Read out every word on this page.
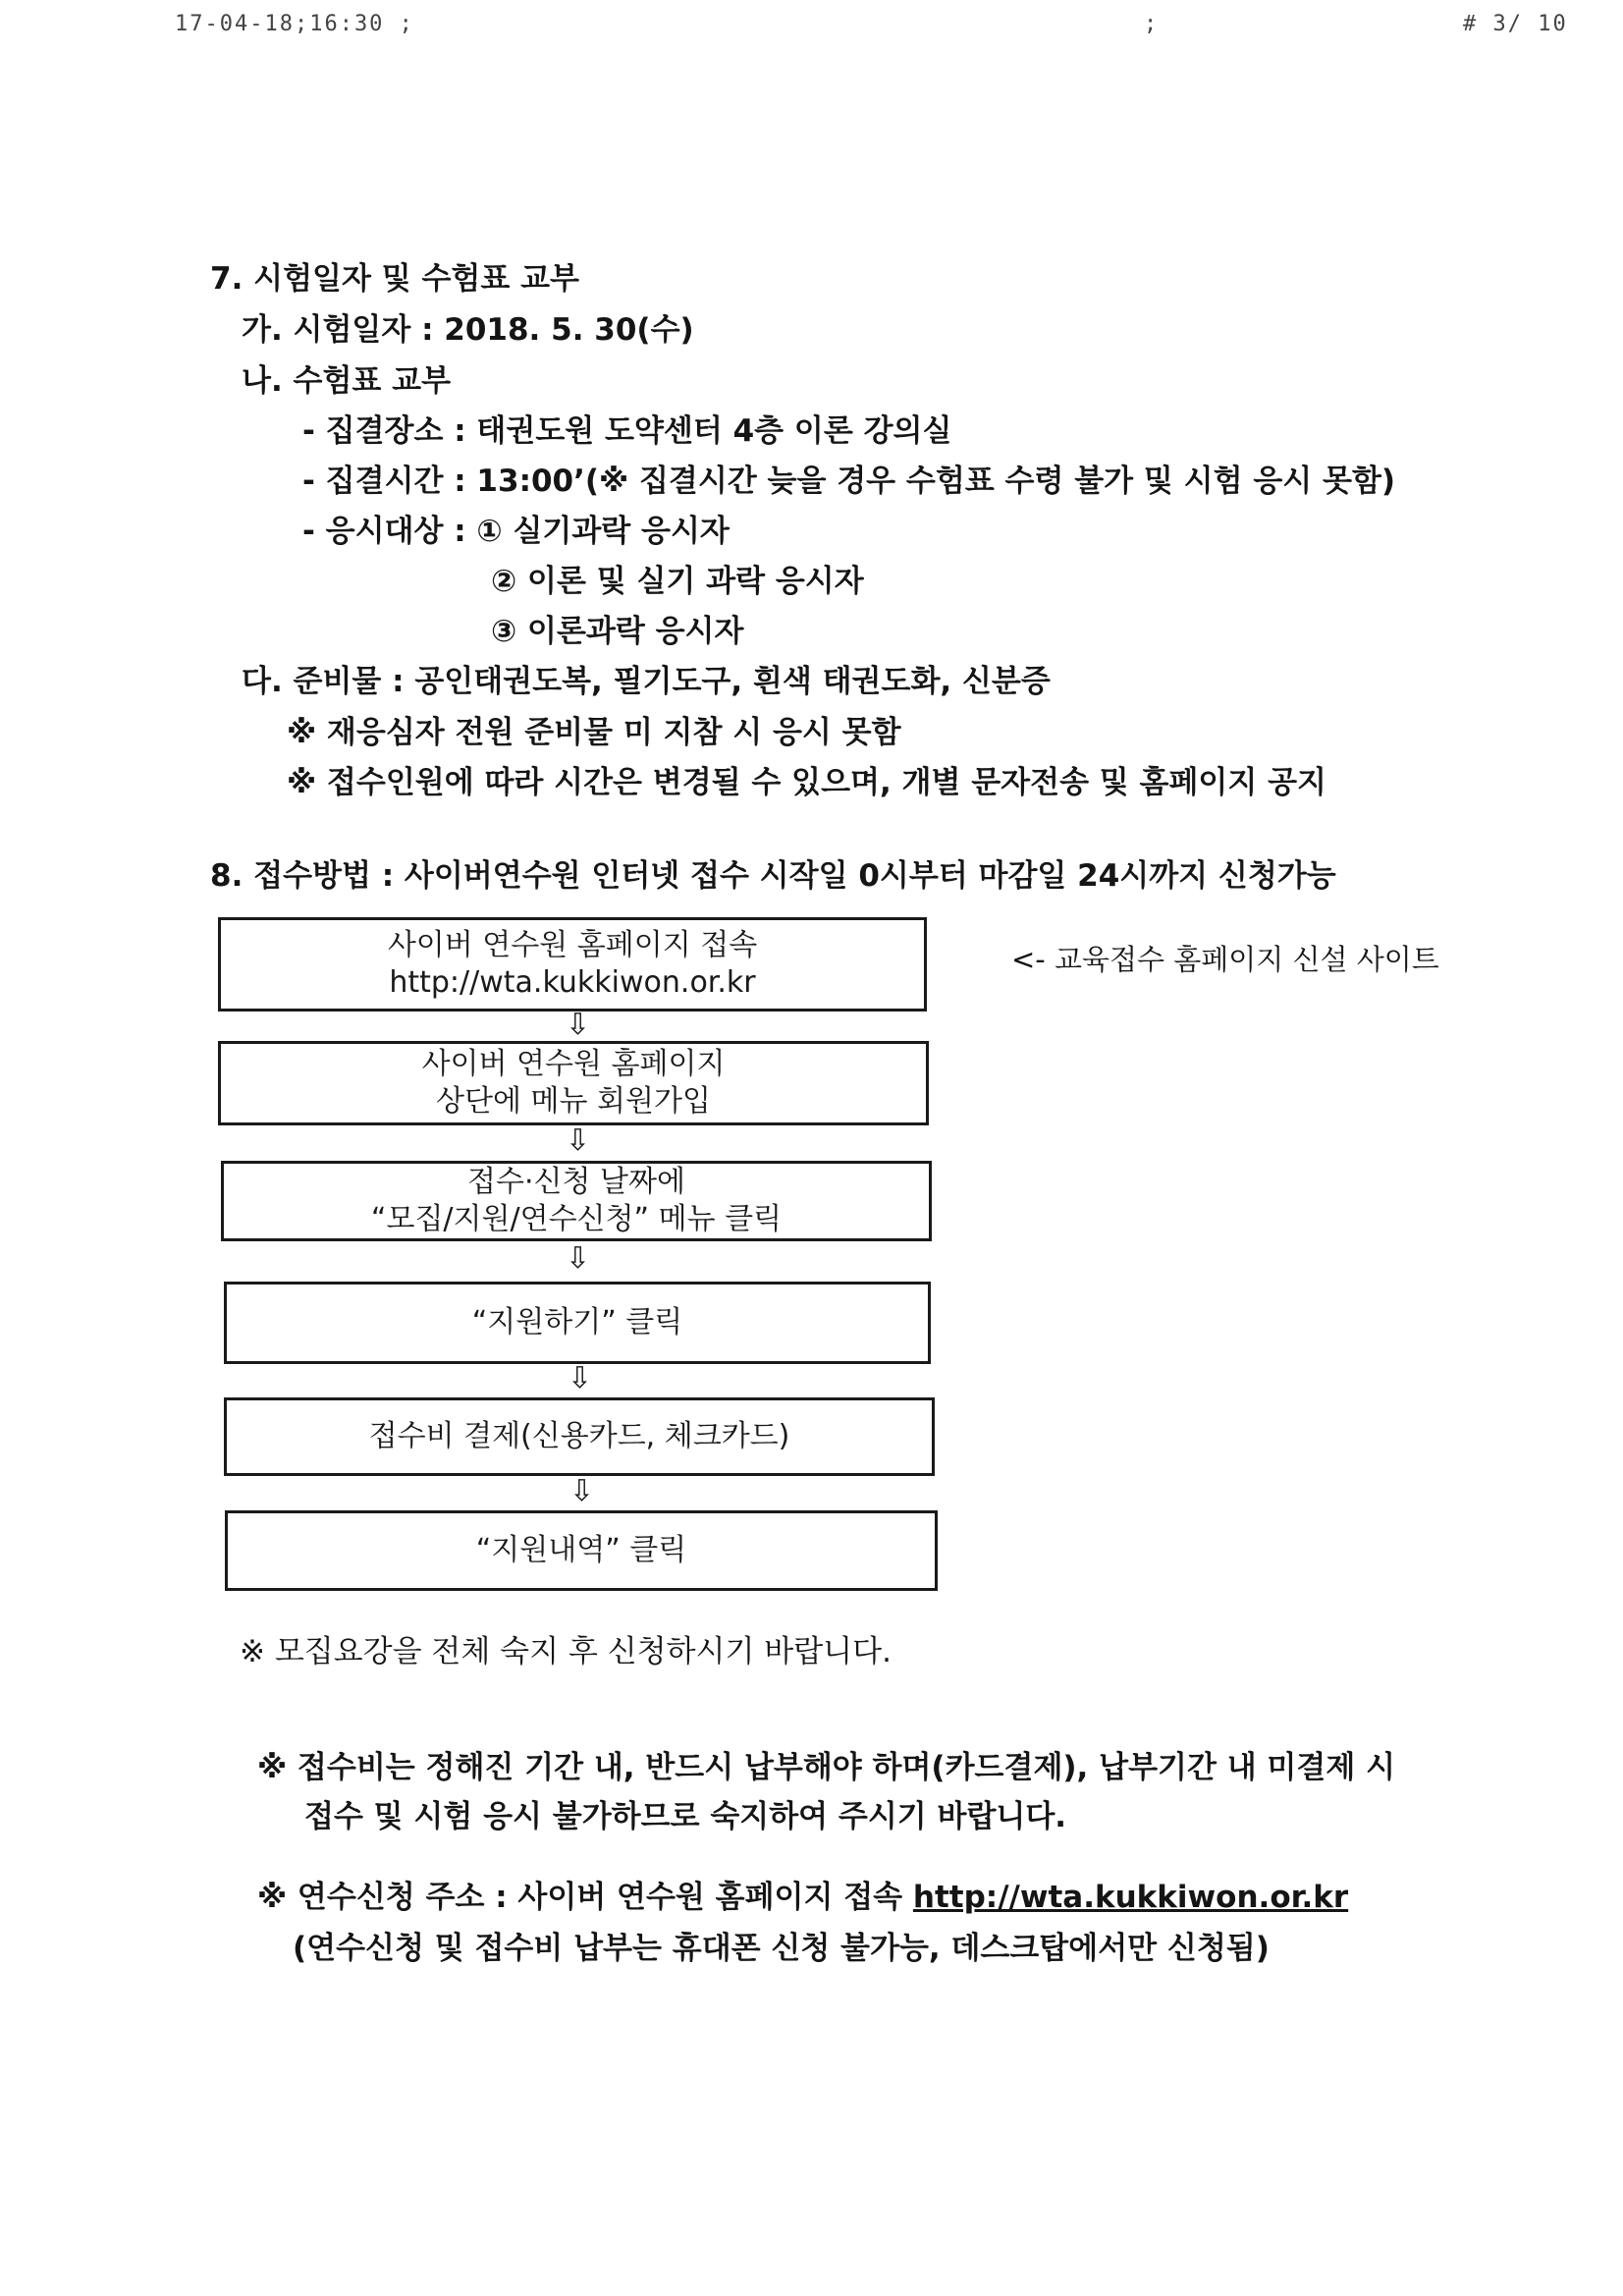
17-04-18;16:30 ;	;	# 3/ 10
7. 시험일자 및 수험표 교부
가. 시험일자 : 2018. 5. 30(수)
나. 수험표 교부
- 집결장소 : 태권도원 도약센터 4층 이론 강의실
- 집결시간 : 13:00’(※ 집결시간 늦을 경우 수험표 수령 불가 및 시험 응시 못함)
- 응시대상 : ① 실기과락 응시자
② 이론 및 실기 과락 응시자
③ 이론과락 응시자
다. 준비물 : 공인태권도복, 필기도구, 흰색 태권도화, 신분증
※ 재응심자 전원 준비물 미 지참 시 응시 못함
※ 접수인원에 따라 시간은 변경될 수 있으며, 개별 문자전송 및 홈페이지 공지
8. 접수방법 : 사이버연수원 인터넷 접수 시작일 0시부터 마감일 24시까지 신청가능
사이버 연수원 홈페이지 접속
http://wta.kukkiwon.or.kr
⇩
사이버 연수원 홈페이지
상단에 메뉴 회원가입
⇩
접수·신청 날짜에
“모집/지원/연수신청” 메뉴 클릭
⇩
“지원하기” 클릭
⇩
접수비 결제(신용카드, 체크카드)
⇩
“지원내역” 클릭
<- 교육접수 홈페이지 신설 사이트
※ 모집요강을 전체 숙지 후 신청하시기 바랍니다.
※ 접수비는 정해진 기간 내, 반드시 납부해야 하며(카드결제), 납부기간 내 미결제 시
접수 및 시험 응시 불가하므로 숙지하여 주시기 바랍니다.
※ 연수신청 주소 : 사이버 연수원 홈페이지 접속 http://wta.kukkiwon.or.kr
(연수신청 및 접수비 납부는 휴대폰 신청 불가능, 데스크탑에서만 신청됨)
